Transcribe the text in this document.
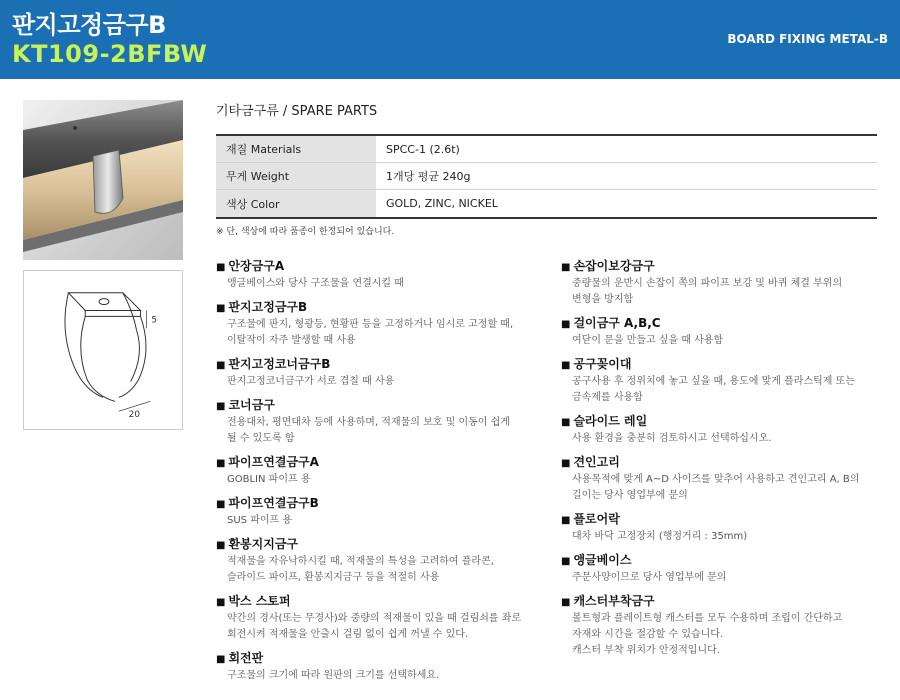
판지고정금구B
KT109-2BFBW
BOARD FIXING METAL-B
5
20
기타금구류 / SPARE PARTS
재질 Materials	SPCC-1 (2.6t)
무게 Weight	1개당 평균 240g
색상 Color	GOLD, ZINC, NICKEL
※ 단, 색상에 따라 품종이 한정되어 있습니다.
■ 안장금구A
앵글베이스와 당사 구조물을 연결시킬 때
■ 판지고정금구B
구조물에 판지, 형광등, 현황판 등을 고정하거나 임시로 고정할 때,
이탈작이 자주 발생할 때 사용
■ 판지고정코너금구B
판지고정코너금구가 서로 겹칠 때 사용
■ 코너금구
전용대차, 평면대차 등에 사용하며, 적재물의 보호 및 이동이 쉽게
될 수 있도록 함
■ 파이프연결금구A
GOBLIN 파이프 용
■ 파이프연결금구B
SUS 파이프 용
■ 환봉지지금구
적재물을 자유낙하시킬 때, 적재물의 특성을 고려하여 플라콘,
슬라이드 파이프, 환봉지지금구 등을 적절히 사용
■ 박스 스토퍼
약간의 경사(또는 무경사)와 중량의 적재물이 있을 때 걸림쇠를 좌로
회전시켜 적재물을 안출시 걸림 없이 쉽게 꺼낼 수 있다.
■ 회전판
구조물의 크기에 따라 원판의 크기를 선택하세요.
■ 손잡이보강금구
중량물의 운반시 손잡이 쪽의 파이프 보강 및 바퀴 체결 부위의
변형을 방지함
■ 걸이금구 A,B,C
여닫이 문을 만들고 싶을 때 사용함
■ 공구꽂이대
공구사용 후 정위치에 놓고 싶을 때, 용도에 맞게 플라스틱제 또는
금속제를 사용함
■ 슬라이드 레일
사용 환경을 충분히 검토하시고 선택하십시오.
■ 견인고리
사용목적에 맞게 A~D 사이즈를 맞추어 사용하고 견인고리 A, B의
길이는 당사 영업부에 문의
■ 플로어락
대차 바닥 고정장치 (행정거리 : 35mm)
■ 앵글베이스
주문사양이므로 당사 영업부에 문의
■ 캐스터부착금구
볼트형과 플레이트형 캐스터를 모두 수용하며 조립이 간단하고
자재와 시간을 절감할 수 있습니다.
캐스터 부착 위치가 안정적입니다.
